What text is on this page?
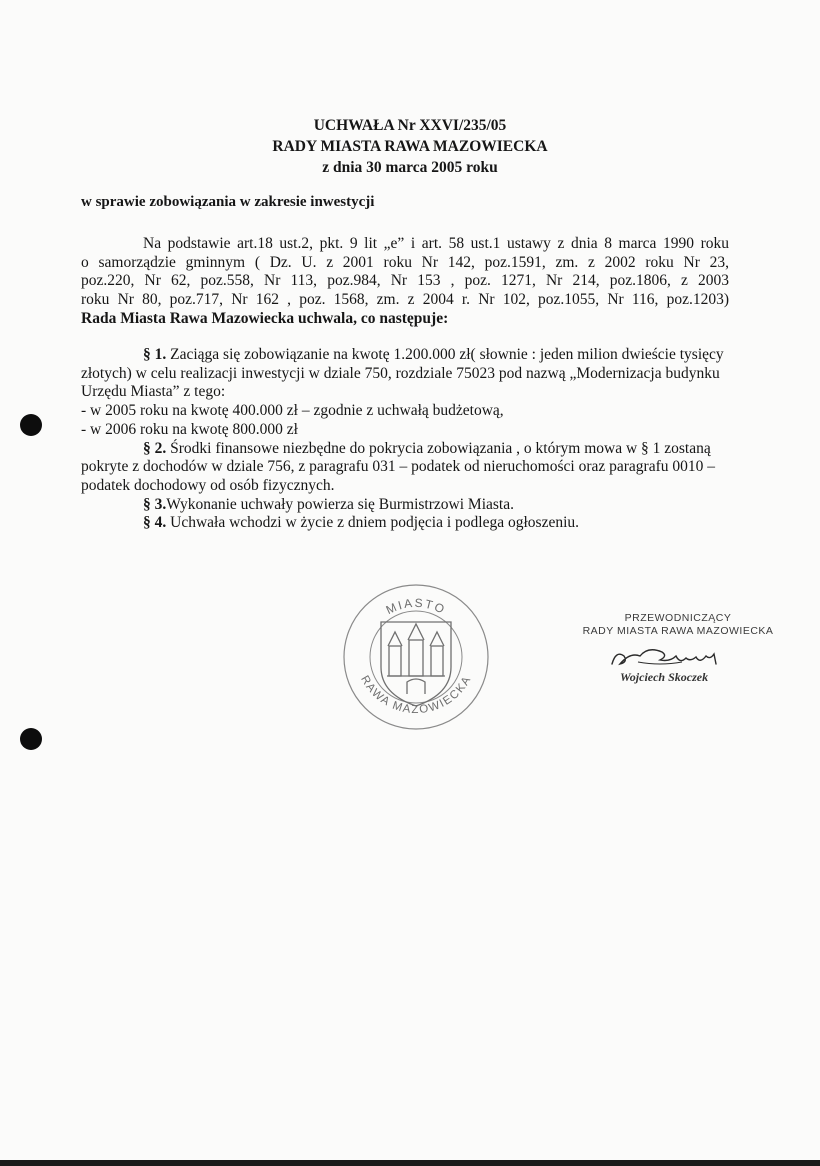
UCHWAŁA Nr XXVI/235/05
RADY MIASTA RAWA MAZOWIECKA
z dnia 30 marca 2005 roku
w sprawie zobowiązania w zakresie inwestycji
Na podstawie art.18 ust.2, pkt. 9 lit „e” i art. 58 ust.1 ustawy z dnia 8 marca 1990 roku
o samorządzie gminnym ( Dz. U. z 2001 roku Nr 142, poz.1591, zm. z 2002 roku Nr 23,
poz.220, Nr 62, poz.558, Nr 113, poz.984, Nr 153 , poz. 1271, Nr 214, poz.1806, z 2003
roku Nr 80, poz.717, Nr 162 , poz. 1568, zm. z 2004 r. Nr 102, poz.1055, Nr 116, poz.1203)
Rada Miasta Rawa Mazowiecka uchwala, co następuje:

§ 1. Zaciąga się zobowiązanie na kwotę 1.200.000 zł( słownie : jeden milion dwieście tysięcy złotych) w celu realizacji inwestycji w dziale 750, rozdziale 75023 pod nazwą „Modernizacja budynku Urzędu Miasta” z tego:

- w 2005 roku na kwotę 400.000 zł – zgodnie z uchwałą budżetową,

- w 2006 roku na kwotę 800.000 zł

§ 2. Środki finansowe niezbędne do pokrycia zobowiązania , o którym mowa w § 1 zostaną pokryte z dochodów w dziale 756, z paragrafu 031 – podatek od nieruchomości oraz paragrafu 0010 – podatek dochodowy od osób fizycznych.

§ 3.Wykonanie uchwały powierza się Burmistrzowi Miasta.

§ 4. Uchwała wchodzi w życie z dniem podjęcia i podlega ogłoszeniu.

MIASTO
RAWA MAZOWIECKA
PRZEWODNICZĄCY
RADY MIASTA RAWA MAZOWIECKA
Wojciech Skoczek
